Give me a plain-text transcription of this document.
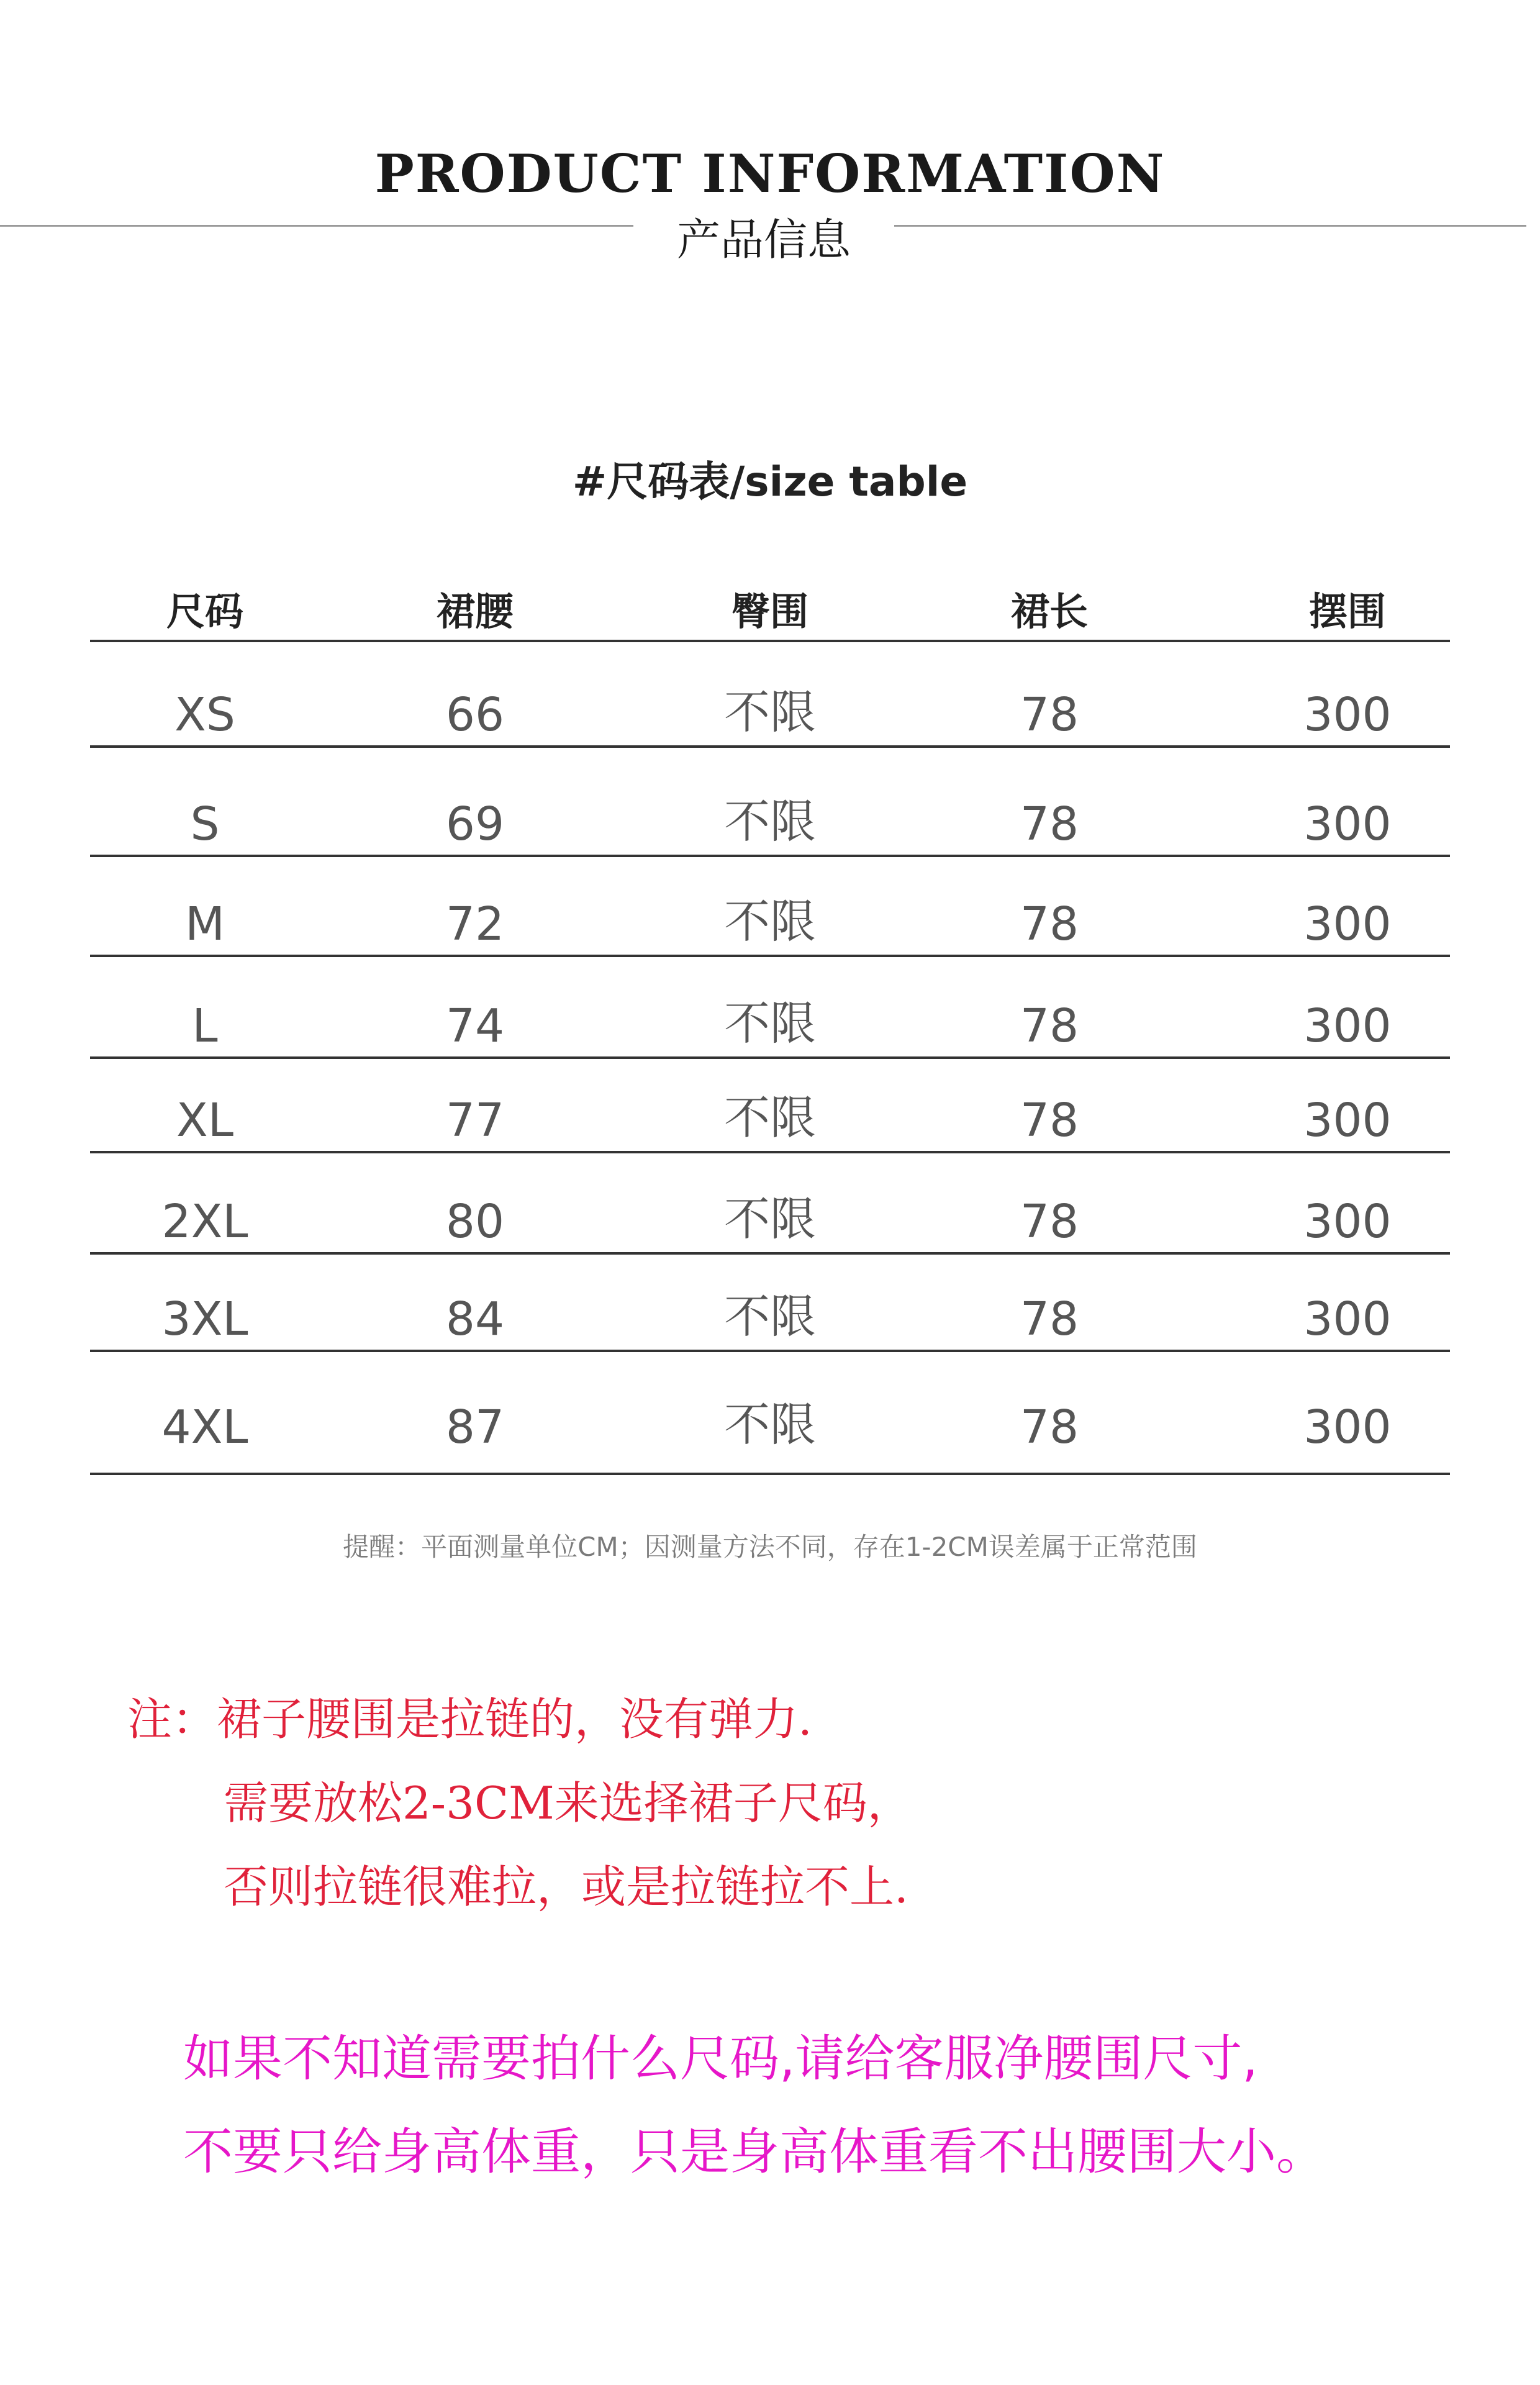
PRODUCT INFORMATION
产品信息
#尺码表/size table
尺码	裙腰	臀围	裙长	摆围
XS	66	不限	78	300
S	69	不限	78	300
M	72	不限	78	300
L	74	不限	78	300
XL	77	不限	78	300
2XL	80	不限	78	300
3XL	84	不限	78	300
4XL	87	不限	78	300
提醒：平面测量单位CM；因测量方法不同，存在1-2CM误差属于正常范围
注：裙子腰围是拉链的，没有弹力.
需要放松2-3CM来选择裙子尺码，
否则拉链很难拉，或是拉链拉不上.
如果不知道需要拍什么尺码,请给客服净腰围尺寸,
不要只给身高体重，只是身高体重看不出腰围大小。
